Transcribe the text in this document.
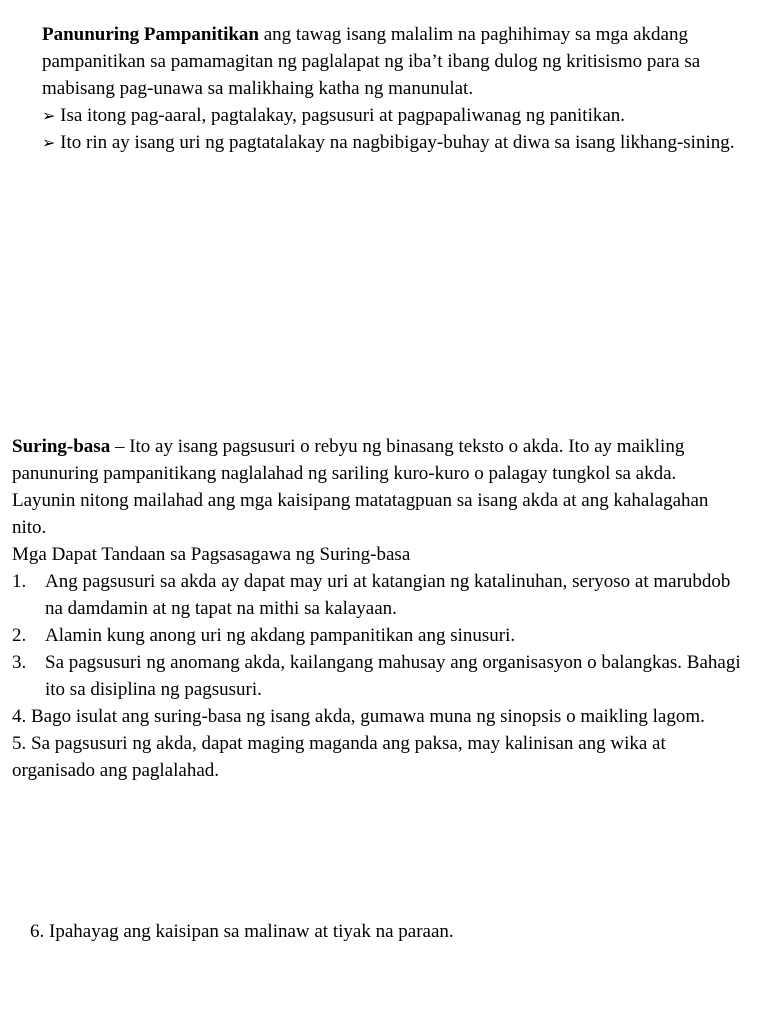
Panunuring Pampanitikan ang tawag isang malalim na paghihimay sa mga akdang pampanitikan sa pamamagitan ng paglalapat ng iba’t ibang dulog ng kritisismo para sa mabisang pag-unawa sa malikhaing katha ng manunulat.
➢ Isa itong pag-aaral, pagtalakay, pagsusuri at pagpapaliwanag ng panitikan.
➢ Ito rin ay isang uri ng pagtatalakay na nagbibigay-buhay at diwa sa isang likhang-sining.
Suring-basa – Ito ay isang pagsusuri o rebyu ng binasang teksto o akda. Ito ay maikling panunuring pampanitikang naglalahad ng sariling kuro-kuro o palagay tungkol sa akda. Layunin nitong mailahad ang mga kaisipang matatagpuan sa isang akda at ang kahalagahan nito.
Mga Dapat Tandaan sa Pagsasagawa ng Suring-basa
1. Ang pagsusuri sa akda ay dapat may uri at katangian ng katalinuhan, seryoso at marubdob na damdamin at ng tapat na mithi sa kalayaan.
2. Alamin kung anong uri ng akdang pampanitikan ang sinusuri.
3. Sa pagsusuri ng anomang akda, kailangang mahusay ang organisasyon o balangkas. Bahagi ito sa disiplina ng pagsusuri.
4. Bago isulat ang suring-basa ng isang akda, gumawa muna ng sinopsis o maikling lagom.
5. Sa pagsusuri ng akda, dapat maging maganda ang paksa, may kalinisan ang wika at organisado ang paglalahad.
6. Ipahayag ang kaisipan sa malinaw at tiyak na paraan.
